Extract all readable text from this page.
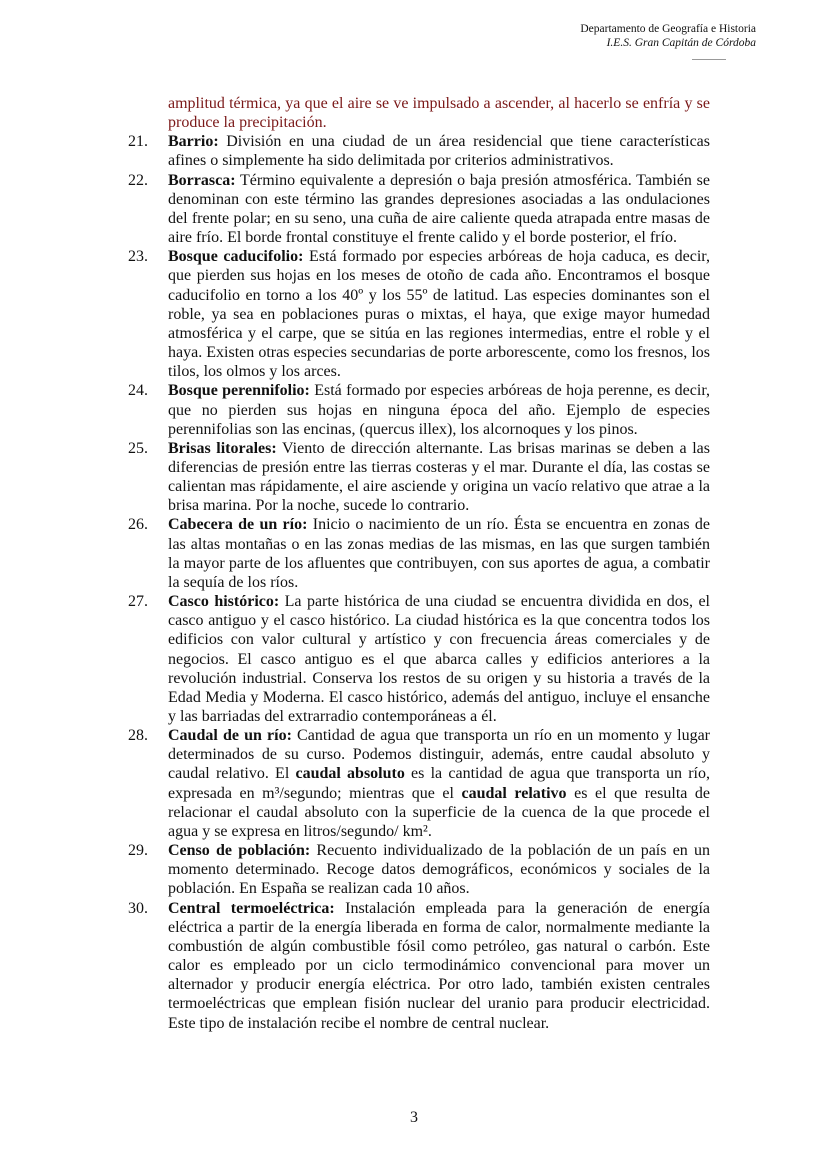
Departamento de Geografía e Historia
I.E.S. Gran Capitán de Córdoba
amplitud térmica, ya que el aire se ve impulsado a ascender, al hacerlo se enfría y se produce la precipitación.
21.	Barrio: División en una ciudad de un área residencial que tiene características afines o simplemente ha sido delimitada por criterios administrativos.
22.	Borrasca: Término equivalente a depresión o baja presión atmosférica. También se denominan con este término las grandes depresiones asociadas a las ondulaciones del frente polar; en su seno, una cuña de aire caliente queda atrapada entre masas de aire frío. El borde frontal constituye el frente calido y el borde posterior, el frío.
23.	Bosque caducifolio: Está formado por especies arbóreas de hoja caduca, es decir, que pierden sus hojas en los meses de otoño de cada año. Encontramos el bosque caducifolio en torno a los 40º y los 55º de latitud. Las especies dominantes son el roble, ya sea en poblaciones puras o mixtas, el haya, que exige mayor humedad atmosférica y el carpe, que se sitúa en las regiones intermedias, entre el roble y el haya. Existen otras especies secundarias de porte arborescente, como los fresnos, los tilos, los olmos y los arces.
24.	Bosque perennifolio: Está formado por especies arbóreas de hoja perenne, es decir, que no pierden sus hojas en ninguna época del año. Ejemplo de especies perennifolias son las encinas, (quercus illex), los alcornoques y los pinos.
25.	Brisas litorales: Viento de dirección alternante. Las brisas marinas se deben a las diferencias de presión entre las tierras costeras y el mar. Durante el día, las costas se calientan mas rápidamente, el aire asciende y origina un vacío relativo que atrae a la brisa marina. Por la noche, sucede lo contrario.
26.	Cabecera de un río: Inicio o nacimiento de un río. Ésta se encuentra en zonas de las altas montañas o en las zonas medias de las mismas, en las que surgen también la mayor parte de los afluentes que contribuyen, con sus aportes de agua, a combatir la sequía de los ríos.
27.	Casco histórico: La parte histórica de una ciudad se encuentra dividida en dos, el casco antiguo y el casco histórico. La ciudad histórica es la que concentra todos los edificios con valor cultural y artístico y con frecuencia áreas comerciales y de negocios. El casco antiguo es el que abarca calles y edificios anteriores a la revolución industrial. Conserva los restos de su origen y su historia a través de la Edad Media y Moderna. El casco histórico, además del antiguo, incluye el ensanche y las barriadas del extrarradio contemporáneas a él.
28.	Caudal de un río: Cantidad de agua que transporta un río en un momento y lugar determinados de su curso. Podemos distinguir, además, entre caudal absoluto y caudal relativo. El caudal absoluto es la cantidad de agua que transporta un río, expresada en m³/segundo; mientras que el caudal relativo es el que resulta de relacionar el caudal absoluto con la superficie de la cuenca de la que procede el agua y se expresa en litros/segundo/ km².
29.	Censo de población: Recuento individualizado de la población de un país en un momento determinado. Recoge datos demográficos, económicos y sociales de la población. En España se realizan cada 10 años.
30.	Central termoeléctrica: Instalación empleada para la generación de energía eléctrica a partir de la energía liberada en forma de calor, normalmente mediante la combustión de algún combustible fósil como petróleo, gas natural o carbón. Este calor es empleado por un ciclo termodinámico convencional para mover un alternador y producir energía eléctrica. Por otro lado, también existen centrales termoeléctricas que emplean fisión nuclear del uranio para producir electricidad. Este tipo de instalación recibe el nombre de central nuclear.
3
